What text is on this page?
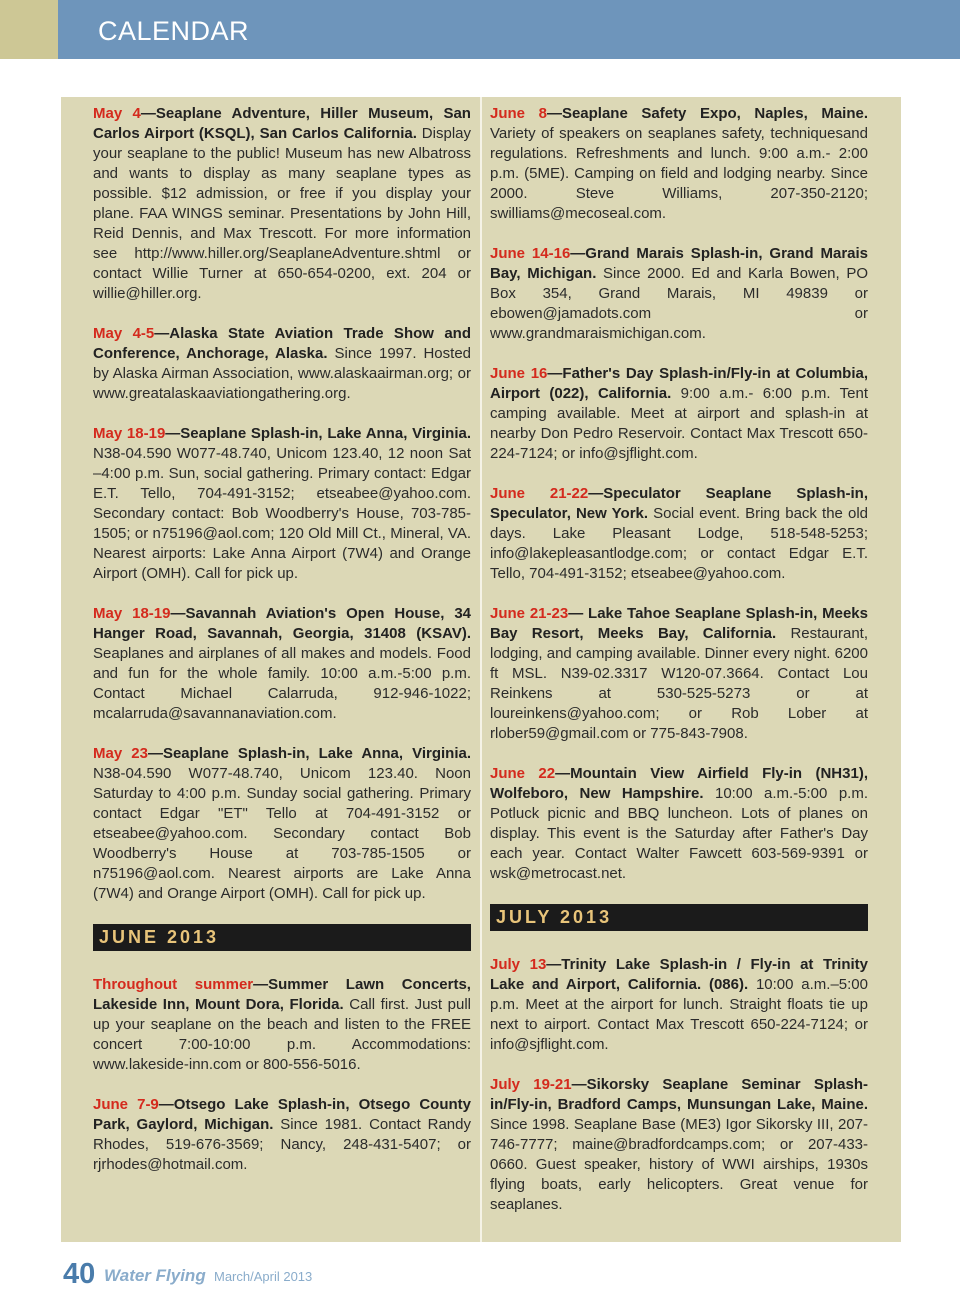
CALENDAR

May 4—Seaplane Adventure, Hiller Museum, San Carlos Airport (KSQL), San Carlos California. Display your seaplane to the public! Museum has new Albatross and wants to display as many seaplane types as possible. $12 admission, or free if you display your plane. FAA WINGS seminar. Presentations by John Hill, Reid Dennis, and Max Trescott. For more information see http://www.hiller.org/SeaplaneAdventure.shtml or contact Willie Turner at 650-654-0200, ext. 204 or willie@hiller.org.

May 4-5—Alaska State Aviation Trade Show and Conference, Anchorage, Alaska. Since 1997. Hosted by Alaska Airman Association, www.alaskaairman.org; or www.greatalaskaaviationgathering.org.

May 18-19—Seaplane Splash-in, Lake Anna, Virginia. N38-04.590 W077-48.740, Unicom 123.40, 12 noon Sat –4:00 p.m. Sun, social gathering. Primary contact: Edgar E.T. Tello, 704-491-3152; etseabee@yahoo.com. Secondary contact: Bob Woodberry's House, 703-785-1505; or n75196@aol.com; 120 Old Mill Ct., Mineral, VA. Nearest airports: Lake Anna Airport (7W4) and Orange Airport (OMH). Call for pick up.

May 18-19—Savannah Aviation's Open House, 34 Hanger Road, Savannah, Georgia, 31408 (KSAV). Seaplanes and airplanes of all makes and models. Food and fun for the whole family. 10:00 a.m.-5:00 p.m. Contact Michael Calarruda, 912-946-1022; mcalarruda@savannanaviation.com.

May 23—Seaplane Splash-in, Lake Anna, Virginia. N38-04.590 W077-48.740, Unicom 123.40. Noon Saturday to 4:00 p.m. Sunday social gathering. Primary contact Edgar "ET" Tello at 704-491-3152 or etseabee@yahoo.com. Secondary contact Bob Woodberry's House at 703-785-1505 or n75196@aol.com. Nearest airports are Lake Anna (7W4) and Orange Airport (OMH). Call for pick up.

JUNE 2013

Throughout summer—Summer Lawn Concerts, Lakeside Inn, Mount Dora, Florida. Call first. Just pull up your seaplane on the beach and listen to the FREE concert 7:00-10:00 p.m. Accommodations: www.lakeside-inn.com or 800-556-5016.

June 7-9—Otsego Lake Splash-in, Otsego County Park, Gaylord, Michigan. Since 1981. Contact Randy Rhodes, 519-676-3569; Nancy, 248-431-5407; or rjrhodes@hotmail.com.

June 8—Seaplane Safety Expo, Naples, Maine. Variety of speakers on seaplanes safety, techniquesand regulations. Refreshments and lunch. 9:00 a.m.- 2:00 p.m. (5ME). Camping on field and lodging nearby. Since 2000. Steve Williams, 207-350-2120; swilliams@mecoseal.com.

June 14-16—Grand Marais Splash-in, Grand Marais Bay, Michigan. Since 2000. Ed and Karla Bowen, PO Box 354, Grand Marais, MI 49839 or ebowen@jamadots.com or www.grandmaraismichigan.com.

June 16—Father's Day Splash-in/Fly-in at Columbia, Airport (022), California. 9:00 a.m.- 6:00 p.m. Tent camping available. Meet at airport and splash-in at nearby Don Pedro Reservoir. Contact Max Trescott 650-224-7124; or info@sjflight.com.

June 21-22—Speculator Seaplane Splash-in, Speculator, New York. Social event. Bring back the old days. Lake Pleasant Lodge, 518-548-5253; info@lakepleasantlodge.com; or contact Edgar E.T. Tello, 704-491-3152; etseabee@yahoo.com.

June 21-23— Lake Tahoe Seaplane Splash-in, Meeks Bay Resort, Meeks Bay, California. Restaurant, lodging, and camping available. Dinner every night. 6200 ft MSL. N39-02.3317 W120-07.3664. Contact Lou Reinkens at 530-525-5273 or at loureinkens@yahoo.com; or Rob Lober at rlober59@gmail.com or 775-843-7908.

June 22—Mountain View Airfield Fly-in (NH31), Wolfeboro, New Hampshire. 10:00 a.m.-5:00 p.m. Potluck picnic and BBQ luncheon. Lots of planes on display. This event is the Saturday after Father's Day each year. Contact Walter Fawcett 603-569-9391 or wsk@metrocast.net.

JULY 2013

July 13—Trinity Lake Splash-in / Fly-in at Trinity Lake and Airport, California. (086). 10:00 a.m.–5:00 p.m. Meet at the airport for lunch. Straight floats tie up next to airport. Contact Max Trescott 650-224-7124; or info@sjflight.com.

July 19-21—Sikorsky Seaplane Seminar Splash-in/Fly-in, Bradford Camps, Munsungan Lake, Maine. Since 1998. Seaplane Base (ME3) Igor Sikorsky III, 207-746-7777; maine@bradfordcamps.com; or 207-433-0660. Guest speaker, history of WWI airships, 1930s flying boats, early helicopters. Great venue for seaplanes.

40 Water Flying March/April 2013
